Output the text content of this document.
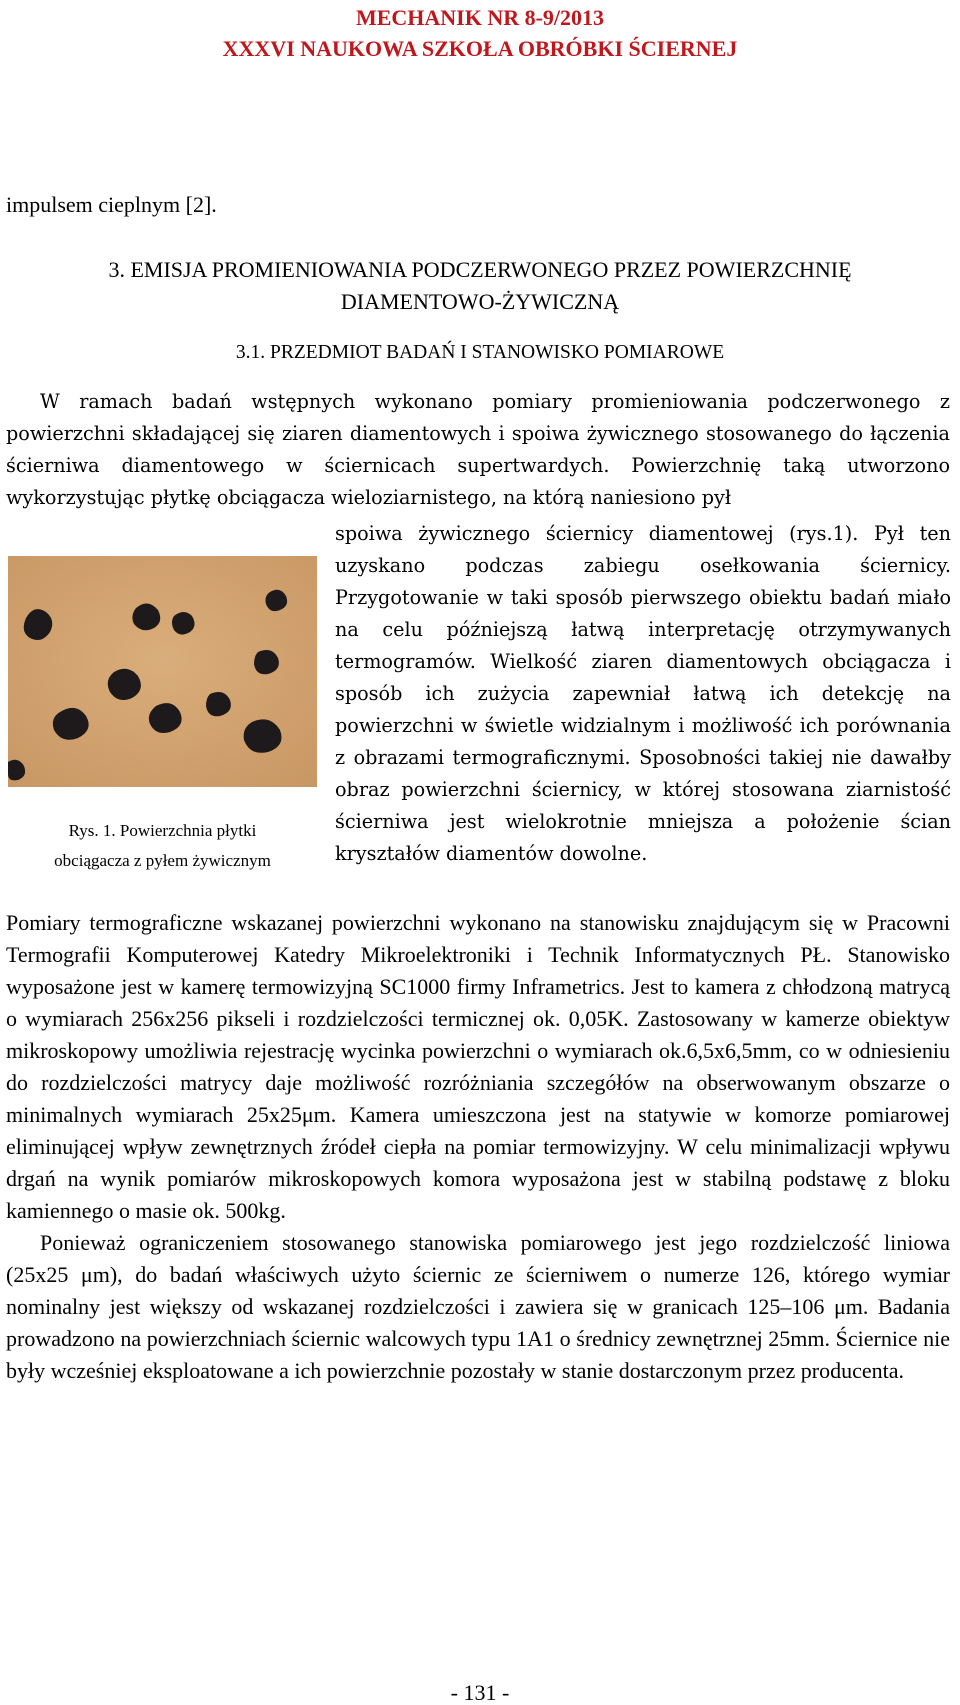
MECHANIK NR 8-9/2013
XXXVI NAUKOWA SZKOŁA OBRÓBKI ŚCIERNEJ
impulsem cieplnym [2].
3. EMISJA PROMIENIOWANIA PODCZERWONEGO PRZEZ POWIERZCHNIĘ
DIAMENTOWO-ŻYWICZNĄ
3.1. PRZEDMIOT BADAŃ I STANOWISKO POMIAROWE
W ramach badań wstępnych wykonano pomiary promieniowania podczerwonego z powierzchni składającej się ziaren diamentowych i spoiwa żywicznego stosowanego do łączenia ścierniwa diamentowego w ściernicach supertwardych. Powierzchnię taką utworzono wykorzystując płytkę obciągacza wieloziarnistego, na którą naniesiono pył
Rys. 1. Powierzchnia płytki
obciągacza z pyłem żywicznym
spoiwa żywicznego ściernicy diamentowej (rys.1). Pył ten uzyskano podczas zabiegu osełkowania ściernicy. Przygotowanie w taki sposób pierwszego obiektu badań miało na celu późniejszą łatwą interpretację otrzymywanych termogramów. Wielkość ziaren diamentowych obciągacza i sposób ich zużycia zapewniał łatwą ich detekcję na powierzchni w świetle widzialnym i możliwość ich porównania z obrazami termograficznymi. Sposobności takiej nie dawałby obraz powierzchni ściernicy, w której stosowana ziarnistość ścierniwa jest wielokrotnie mniejsza a położenie ścian kryształów diamentów dowolne.

Pomiary termograficzne wskazanej powierzchni wykonano na stanowisku znajdującym się w Pracowni Termografii Komputerowej Katedry Mikroelektroniki i Technik Informatycznych PŁ. Stanowisko wyposażone jest w kamerę termowizyjną SC1000 firmy Inframetrics. Jest to kamera z chłodzoną matrycą o wymiarach 256x256 pikseli i rozdzielczości termicznej ok. 0,05K. Zastosowany w kamerze obiektyw mikroskopowy umożliwia rejestrację wycinka powierzchni o wymiarach ok.6,5x6,5mm, co w odniesieniu do rozdzielczości matrycy daje możliwość rozróżniania szczegółów na obserwowanym obszarze o minimalnych wymiarach 25x25μm. Kamera umieszczona jest na statywie w komorze pomiarowej eliminującej wpływ zewnętrznych źródeł ciepła na pomiar termowizyjny. W celu minimalizacji wpływu drgań na wynik pomiarów mikroskopowych komora wyposażona jest w stabilną podstawę z bloku kamiennego o masie ok. 500kg.

Ponieważ ograniczeniem stosowanego stanowiska pomiarowego jest jego rozdzielczość liniowa (25x25 μm), do badań właściwych użyto ściernic ze ścierniwem o numerze 126, którego wymiar nominalny jest większy od wskazanej rozdzielczości i zawiera się w granicach 125–106 μm. Badania prowadzono na powierzchniach ściernic walcowych typu 1A1 o średnicy zewnętrznej 25mm. Ściernice nie były wcześniej eksploatowane a ich powierzchnie pozostały w stanie dostarczonym przez producenta.

- 131 -
